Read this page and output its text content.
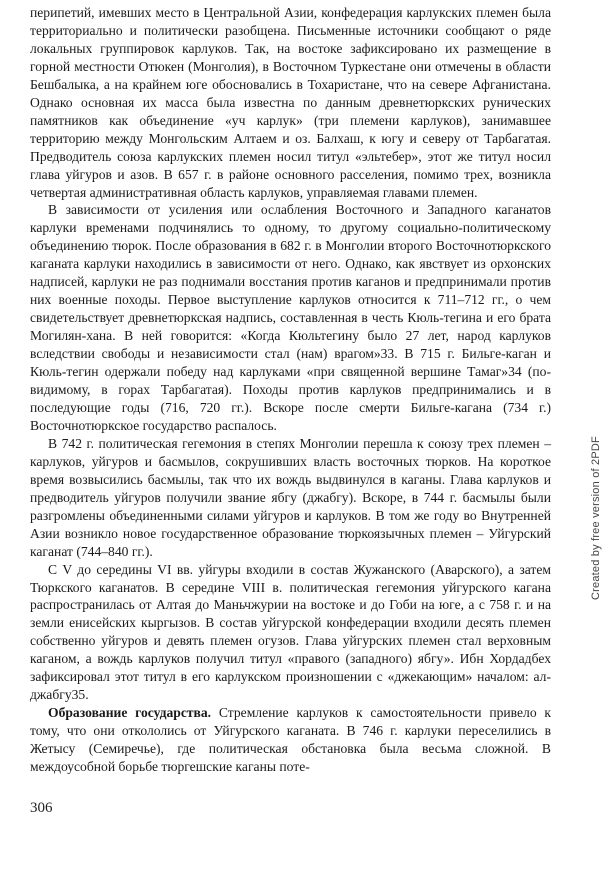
перипетий, имевших место в Центральной Азии, конфедерация карлукских племен была территориально и политически разобщена. Письменные источники сообщают о ряде локальных группировок карлуков. Так, на востоке зафиксировано их размещение в горной местности Отюкен (Монголия), в Восточном Туркестане они отмечены в области Бешбалыка, а на крайнем юге обосновались в Тохаристане, что на севере Афганистана. Однако основная их масса была известна по данным древнетюркских рунических памятников как объединение «уч карлук» (три племени карлуков), занимавшее территорию между Монгольским Алтаем и оз. Балхаш, к югу и северу от Тарбагатая. Предводитель союза карлукских племен носил титул «эльтебер», этот же титул носил глава уйгуров и азов. В 657 г. в районе основного расселения, помимо трех, возникла четвертая административная область карлуков, управляемая главами племен.

В зависимости от усиления или ослабления Восточного и Западного каганатов карлуки временами подчинялись то одному, то другому социально-политическому объединению тюрок. После образования в 682 г. в Монголии второго Восточнотюркского каганата карлуки находились в зависимости от него. Однако, как явствует из орхонских надписей, карлуки не раз поднимали восстания против каганов и предпринимали против них военные походы. Первое выступление карлуков относится к 711–712 гг., о чем свидетельствует древнетюркская надпись, составленная в честь Кюль-тегина и его брата Могилян-хана. В ней говорится: «Когда Кюльтегину было 27 лет, народ карлуков вследствии свободы и независимости стал (нам) врагом»33. В 715 г. Бильге-каган и Кюль-тегин одержали победу над карлуками «при священной вершине Тамаг»34 (по-видимому, в горах Тарбагатая). Походы против карлуков предпринимались и в последующие годы (716, 720 гг.). Вскоре после смерти Бильге-кагана (734 г.) Восточнотюркское государство распалось.

В 742 г. политическая гегемония в степях Монголии перешла к союзу трех племен – карлуков, уйгуров и басмылов, сокрушивших власть восточных тюрков. На короткое время возвысились басмылы, так что их вождь выдвинулся в каганы. Глава карлуков и предводитель уйгуров получили звание ябгу (джабгу). Вскоре, в 744 г. басмылы были разгромлены объединенными силами уйгуров и карлуков. В том же году во Внутренней Азии возникло новое государственное образование тюркоязычных племен – Уйгурский каганат (744–840 гг.).

С V до середины VI вв. уйгуры входили в состав Жужанского (Аварского), а затем Тюркского каганатов. В середине VIII в. политическая гегемония уйгурского кагана распространилась от Алтая до Маньчжурии на востоке и до Гоби на юге, а с 758 г. и на земли енисейских кыргызов. В состав уйгурской конфедерации входили десять племен собственно уйгуров и девять племен огузов. Глава уйгурских племен стал верховным каганом, а вождь карлуков получил титул «правого (западного) ябгу». Ибн Хордадбех зафиксировал этот титул в его карлукском произношении с «джекающим» началом: ал-джабгу35.

Образование государства. Стремление карлуков к самостоятельности привело к тому, что они откололись от Уйгурского каганата. В 746 г. карлуки переселились в Жетысу (Семиречье), где политическая обстановка была весьма сложной. В междоусобной борьбе тюргешские каганы поте-

306
Created by free version of 2PDF
